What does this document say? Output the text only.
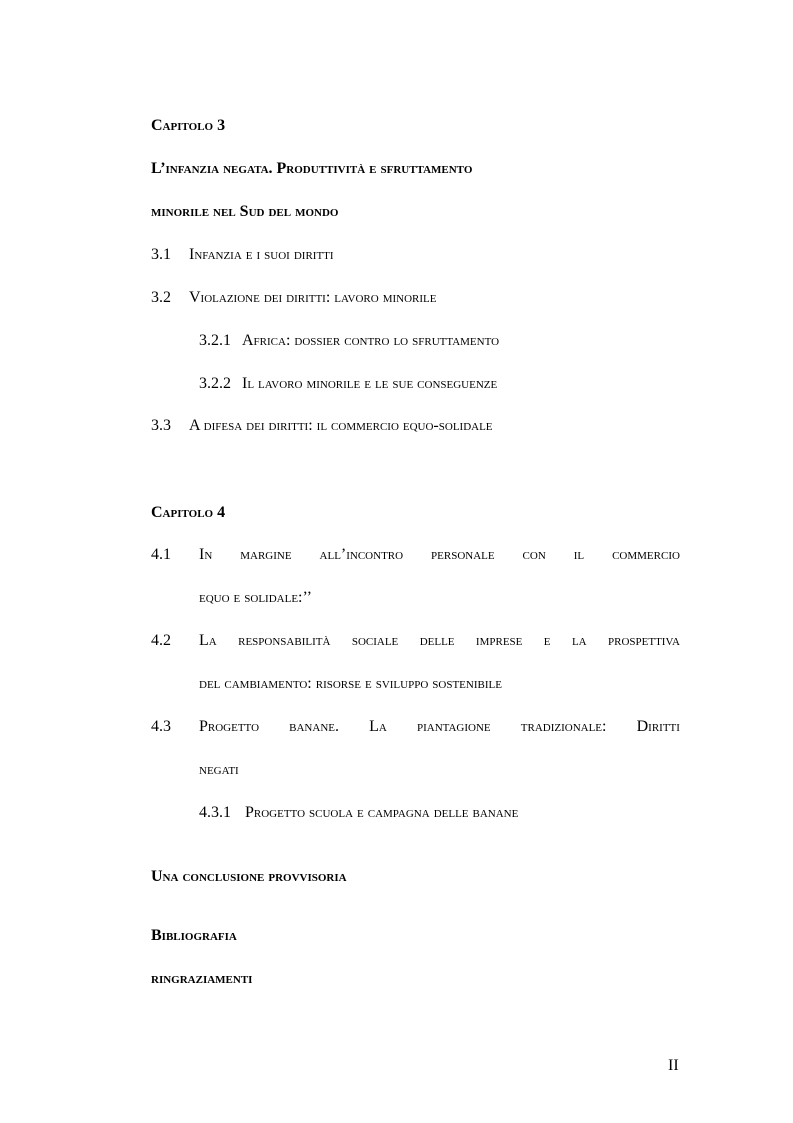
Capitolo 3
L’infanzia negata. Produttività e sfruttamento
minorile nel Sud del mondo
3.1 Infanzia e i suoi diritti
3.2 Violazione dei diritti: lavoro minorile
3.2.1 Africa: dossier contro lo sfruttamento
3.2.2 Il lavoro minorile e le sue conseguenze
3.3 A difesa dei diritti: il commercio equo-solidale
Capitolo 4
4.1 In margine all’incontro personale con il commercio
equo e solidale:’’
4.2 La responsabilità sociale delle imprese e la prospettiva
del cambiamento: risorse e sviluppo sostenibile
4.3 Progetto banane. La piantagione tradizionale: Diritti
negati
4.3.1 Progetto scuola e campagna delle banane
Una conclusione provvisoria
Bibliografia
ringraziamenti
II
